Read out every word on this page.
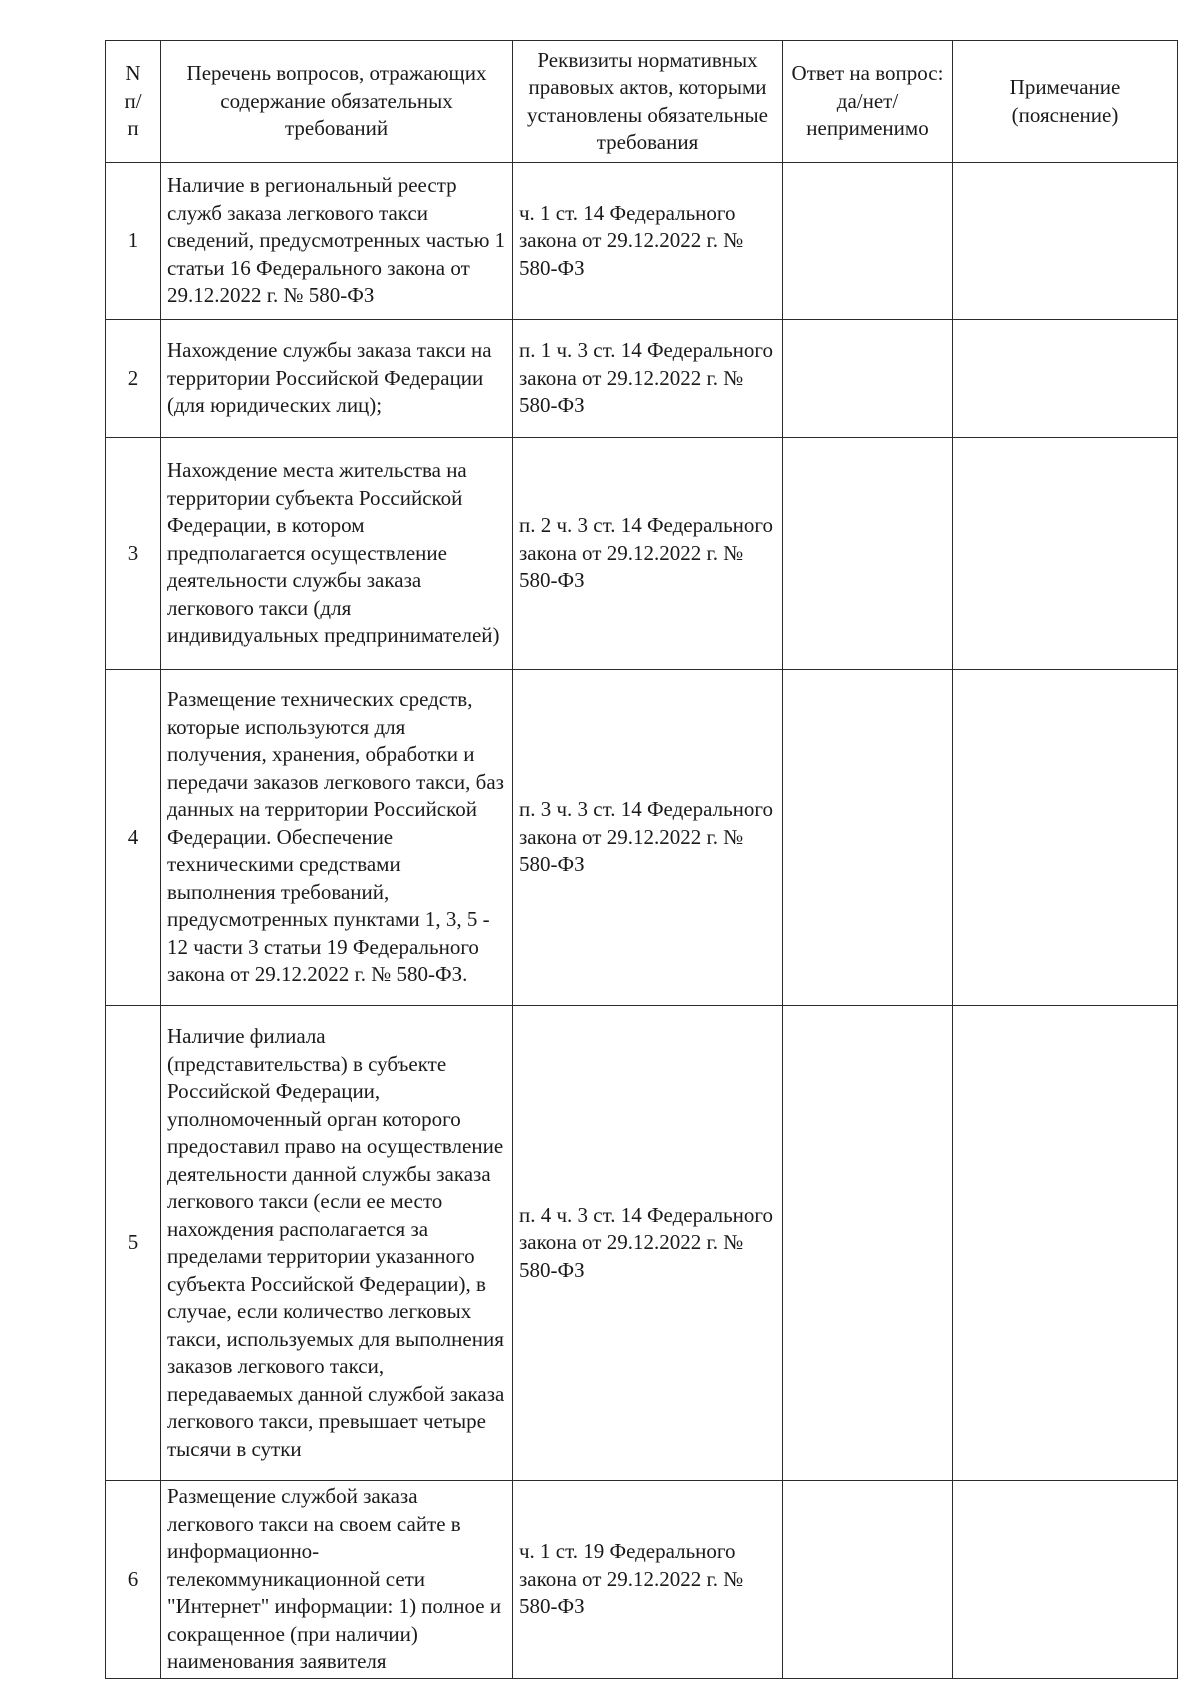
N п/ п	Перечень вопросов, отражающих содержание обязательных требований	Реквизиты нормативных правовых актов, которыми установлены обязательные требования	Ответ на вопрос: да/нет/ неприменимо	Примечание (пояснение)
1	Наличие в региональный реестр служб заказа легкового такси сведений, предусмотренных частью 1 статьи 16 Федерального закона от 29.12.2022 г. № 580-ФЗ	ч. 1 ст. 14 Федерального закона от 29.12.2022 г. № 580-ФЗ	

2	Нахождение службы заказа такси на территории Российской Федерации (для юридических лиц);	п. 1 ч. 3 ст. 14 Федерального закона от 29.12.2022 г. № 580-ФЗ	

3	Нахождение места жительства на территории субъекта Российской Федерации, в котором предполагается осуществление деятельности службы заказа легкового такси (для индивидуальных предпринимателей)	п. 2 ч. 3 ст. 14 Федерального закона от 29.12.2022 г. № 580-ФЗ	

4	Размещение технических средств, которые используются для получения, хранения, обработки и передачи заказов легкового такси, баз данных на территории Российской Федерации. Обеспечение техническими средствами выполнения требований, предусмотренных пунктами 1, 3, 5 - 12 части 3 статьи 19 Федерального закона от 29.12.2022 г. № 580-ФЗ.	п. 3 ч. 3 ст. 14 Федерального закона от 29.12.2022 г. № 580-ФЗ	

5	Наличие филиала (представительства) в субъекте Российской Федерации, уполномоченный орган которого предоставил право на осуществление деятельности данной службы заказа легкового такси (если ее место нахождения располагается за пределами территории указанного субъекта Российской Федерации), в случае, если количество легковых такси, используемых для выполнения заказов легкового такси, передаваемых данной службой заказа легкового такси, превышает четыре тысячи в сутки	п. 4 ч. 3 ст. 14 Федерального закона от 29.12.2022 г. № 580-ФЗ	

6	Размещение службой заказа легкового такси на своем сайте в информационно-телекоммуникационной сети "Интернет" информации: 1) полное и сокращенное (при наличии) наименования заявителя	ч. 1 ст. 19 Федерального закона от 29.12.2022 г. № 580-ФЗ	
